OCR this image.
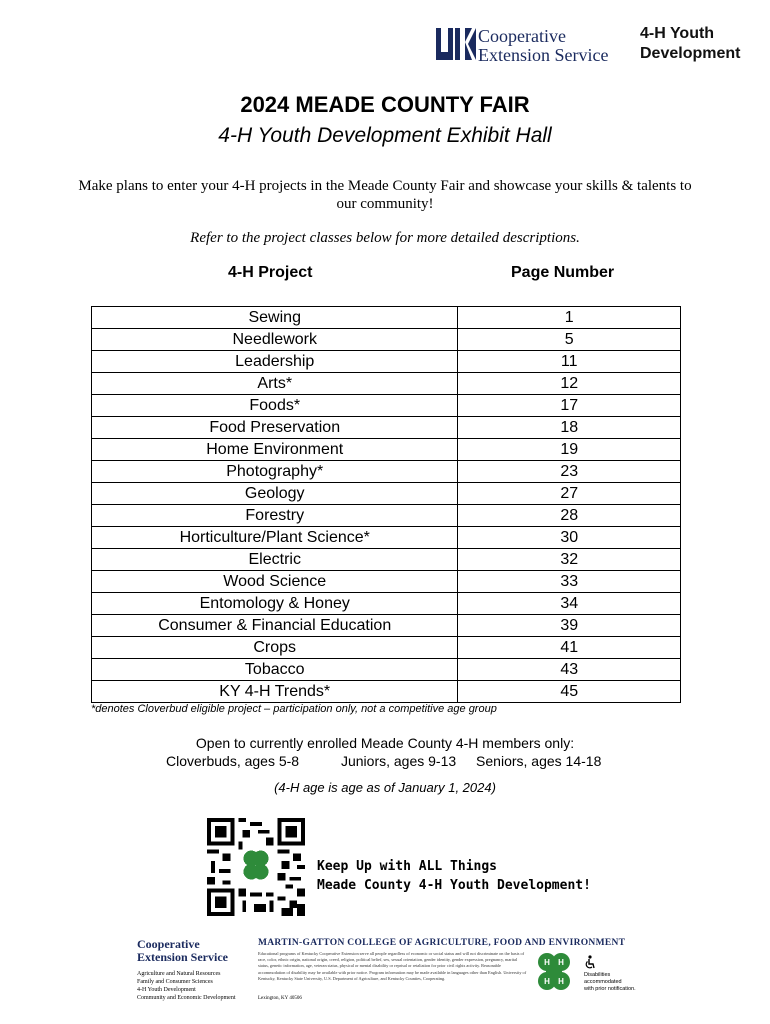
Cooperative
Extension Service
4-H Youth
Development
2024 MEADE COUNTY FAIR
4-H Youth Development Exhibit Hall
Make plans to enter your 4-H projects in the Meade County Fair and showcase your skills & talents to our community!
Refer to the project classes below for more detailed descriptions.
4-H Project	Page Number
Sewing	1
Needlework	5
Leadership	11
Arts*	12
Foods*	17
Food Preservation	18
Home Environment	19
Photography*	23
Geology	27
Forestry	28
Horticulture/Plant Science*	30
Electric	32
Wood Science	33
Entomology & Honey	34
Consumer & Financial Education	39
Crops	41
Tobacco	43
KY 4-H Trends*	45
*denotes Cloverbud eligible project – participation only, not a competitive age group
Open to currently enrolled Meade County 4-H members only:
Cloverbuds, ages 5-8	Juniors, ages 9-13 Seniors, ages 14-18
(4-H age is age as of January 1, 2024)
Keep Up with ALL Things
Meade County 4-H Youth Development!
Cooperative
Extension Service
Agriculture and Natural Resources
Family and Consumer Sciences
4-H Youth Development
Community and Economic Development
MARTIN-GATTON COLLEGE OF AGRICULTURE, FOOD AND ENVIRONMENT
Educational programs of Kentucky Cooperative Extension serve all people regardless of economic or social status and will not discriminate on the basis of race, color, ethnic origin, national origin, creed, religion, political belief, sex, sexual orientation, gender identity, gender expression, pregnancy, marital status, genetic information, age, veteran status, physical or mental disability or reprisal or retaliation for prior civil rights activity. Reasonable accommodation of disability may be available with prior notice. Program information may be made available in languages other than English. University of Kentucky, Kentucky State University, U.S. Department of Agriculture, and Kentucky Counties, Cooperating.
Lexington, KY 40506
H H
H H
Disabilities
accommodated
with prior notification.
